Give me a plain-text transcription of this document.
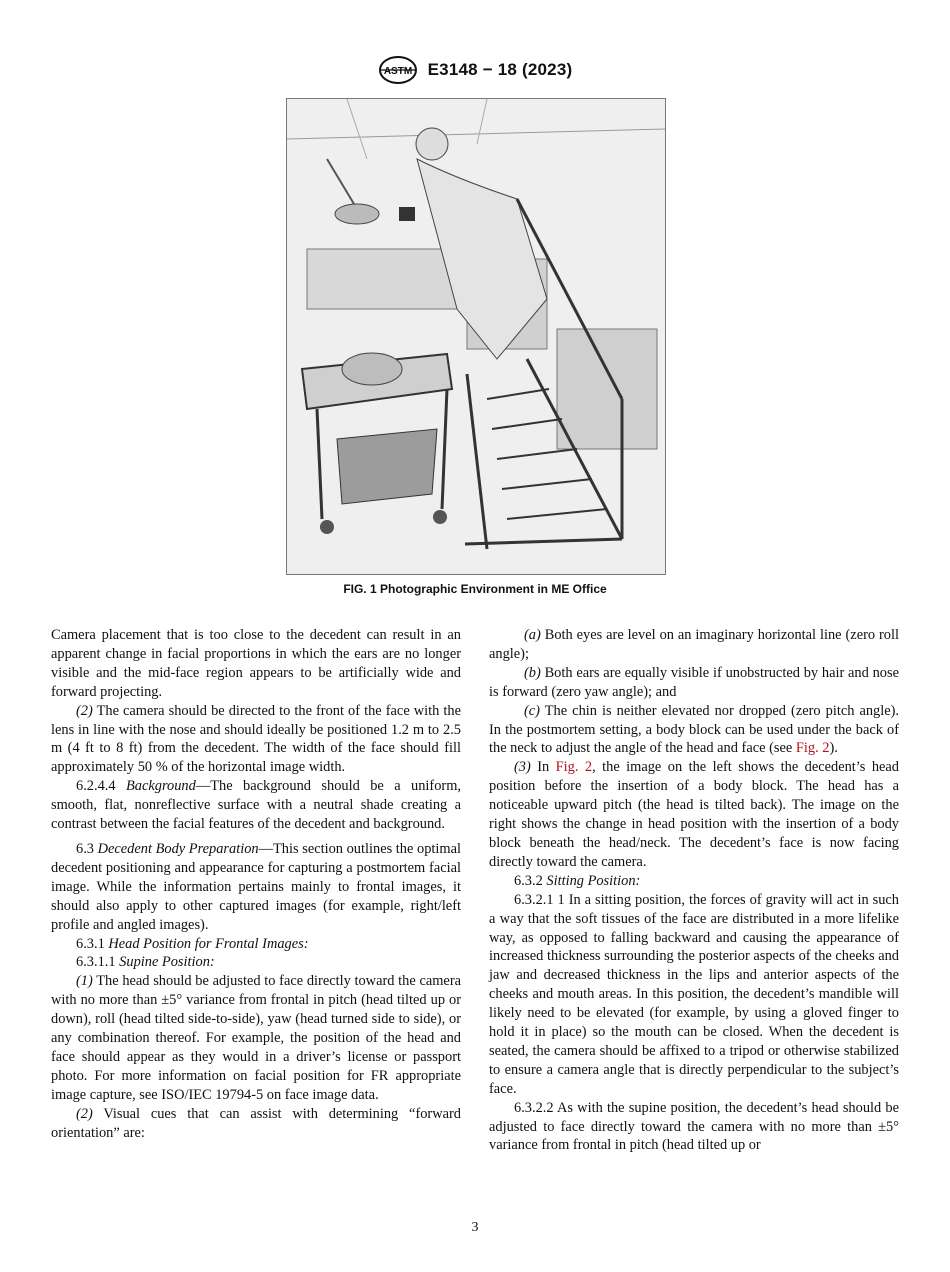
ASTM E3148 − 18 (2023)
FIG. 1 Photographic Environment in ME Office

Camera placement that is too close to the decedent can result in an apparent change in facial proportions in which the ears are no longer visible and the mid-face region appears to be artificially wide and forward projecting.

(2) The camera should be directed to the front of the face with the lens in line with the nose and should ideally be positioned 1.2 m to 2.5 m (4 ft to 8 ft) from the decedent. The width of the face should fill approximately 50 % of the horizontal image width.

6.2.4.4 Background—The background should be a uniform, smooth, flat, nonreflective surface with a neutral shade creating a contrast between the facial features of the decedent and background.

6.3 Decedent Body Preparation—This section outlines the optimal decedent positioning and appearance for capturing a postmortem facial image. While the information pertains mainly to frontal images, it should also apply to other captured images (for example, right/left profile and angled images).

6.3.1 Head Position for Frontal Images:

6.3.1.1 Supine Position:

(1) The head should be adjusted to face directly toward the camera with no more than ±5° variance from frontal in pitch (head tilted up or down), roll (head tilted side-to-side), yaw (head turned side to side), or any combination thereof. For example, the position of the head and face should appear as they would in a driver’s license or passport photo. For more information on facial position for FR appropriate image capture, see ISO/IEC 19794-5 on face image data.

(2) Visual cues that can assist with determining “forward orientation” are:

(a) Both eyes are level on an imaginary horizontal line (zero roll angle);

(b) Both ears are equally visible if unobstructed by hair and nose is forward (zero yaw angle); and

(c) The chin is neither elevated nor dropped (zero pitch angle). In the postmortem setting, a body block can be used under the back of the neck to adjust the angle of the head and face (see Fig. 2).

(3) In Fig. 2, the image on the left shows the decedent’s head position before the insertion of a body block. The head has a noticeable upward pitch (the head is tilted back). The image on the right shows the change in head position with the insertion of a body block beneath the head/neck. The decedent’s face is now facing directly toward the camera.

6.3.2 Sitting Position:

6.3.2.1 1 In a sitting position, the forces of gravity will act in such a way that the soft tissues of the face are distributed in a more lifelike way, as opposed to falling backward and causing the appearance of increased thickness surrounding the posterior aspects of the cheeks and jaw and decreased thickness in the lips and anterior aspects of the cheeks and mouth areas. In this position, the decedent’s mandible will likely need to be elevated (for example, by using a gloved finger to hold it in place) so the mouth can be closed. When the decedent is seated, the camera should be affixed to a tripod or otherwise stabilized to ensure a camera angle that is directly perpendicular to the subject’s face.

6.3.2.2 As with the supine position, the decedent’s head should be adjusted to face directly toward the camera with no more than ±5° variance from frontal in pitch (head tilted up or

3
